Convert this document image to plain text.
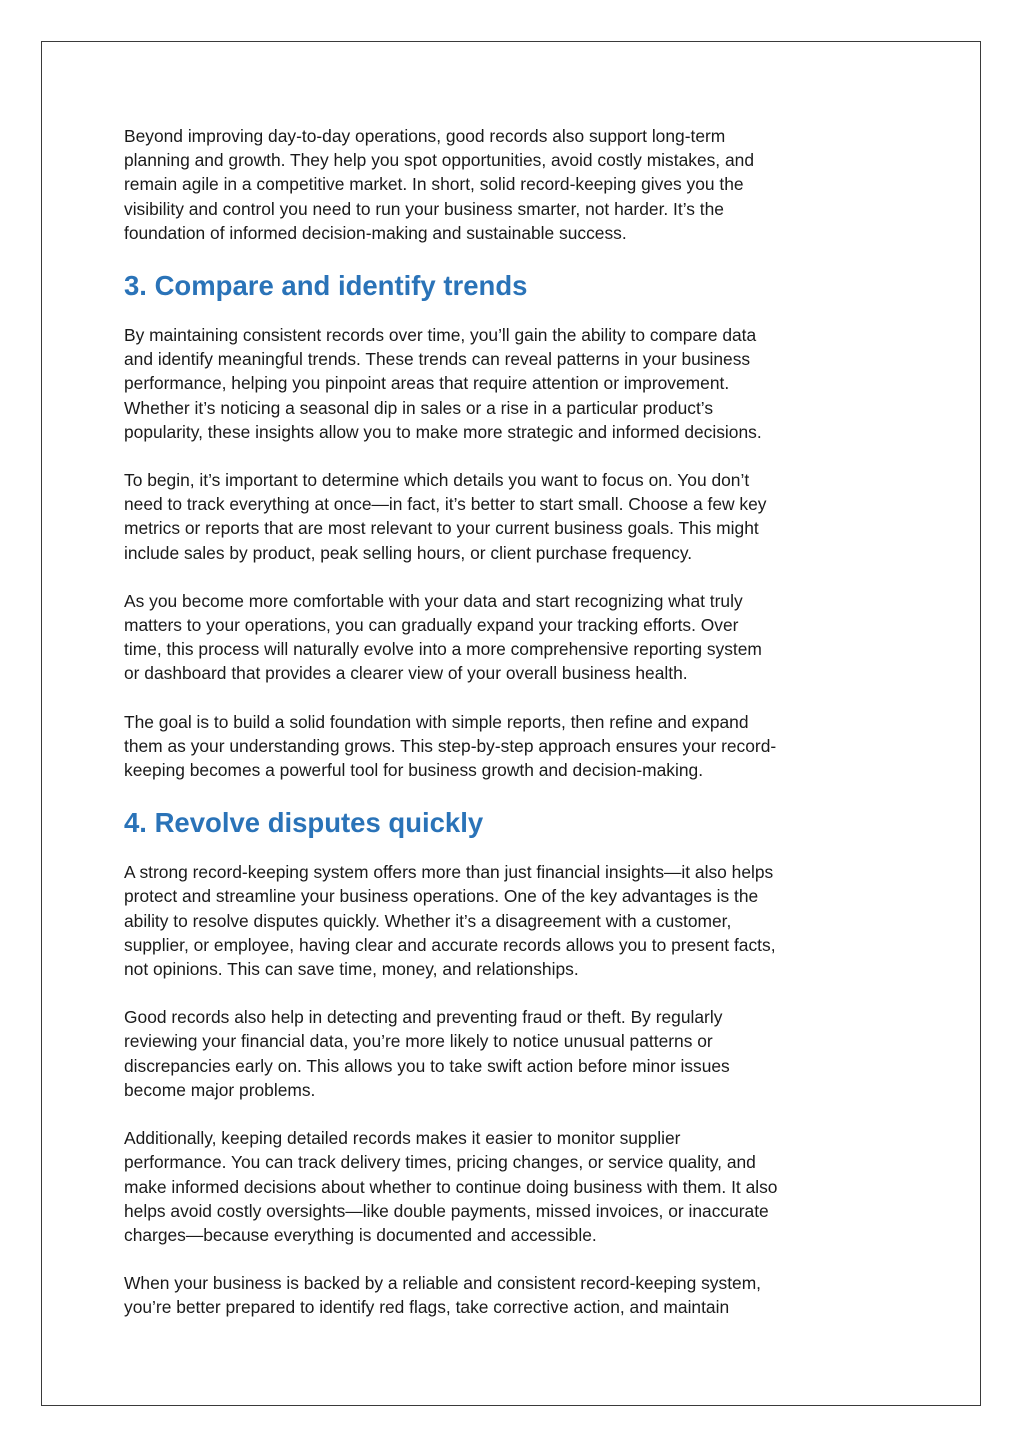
Beyond improving day-to-day operations, good records also support long-term
planning and growth. They help you spot opportunities, avoid costly mistakes, and
remain agile in a competitive market. In short, solid record-keeping gives you the
visibility and control you need to run your business smarter, not harder. It’s the
foundation of informed decision-making and sustainable success.

3. Compare and identify trends

By maintaining consistent records over time, you’ll gain the ability to compare data
and identify meaningful trends. These trends can reveal patterns in your business
performance, helping you pinpoint areas that require attention or improvement.
Whether it’s noticing a seasonal dip in sales or a rise in a particular product’s
popularity, these insights allow you to make more strategic and informed decisions.

To begin, it’s important to determine which details you want to focus on. You don’t
need to track everything at once—in fact, it’s better to start small. Choose a few key
metrics or reports that are most relevant to your current business goals. This might
include sales by product, peak selling hours, or client purchase frequency.

As you become more comfortable with your data and start recognizing what truly
matters to your operations, you can gradually expand your tracking efforts. Over
time, this process will naturally evolve into a more comprehensive reporting system
or dashboard that provides a clearer view of your overall business health.

The goal is to build a solid foundation with simple reports, then refine and expand
them as your understanding grows. This step-by-step approach ensures your record-
keeping becomes a powerful tool for business growth and decision-making.

4. Revolve disputes quickly

A strong record-keeping system offers more than just financial insights—it also helps
protect and streamline your business operations. One of the key advantages is the
ability to resolve disputes quickly. Whether it’s a disagreement with a customer,
supplier, or employee, having clear and accurate records allows you to present facts,
not opinions. This can save time, money, and relationships.

Good records also help in detecting and preventing fraud or theft. By regularly
reviewing your financial data, you’re more likely to notice unusual patterns or
discrepancies early on. This allows you to take swift action before minor issues
become major problems.

Additionally, keeping detailed records makes it easier to monitor supplier
performance. You can track delivery times, pricing changes, or service quality, and
make informed decisions about whether to continue doing business with them. It also
helps avoid costly oversights—like double payments, missed invoices, or inaccurate
charges—because everything is documented and accessible.

When your business is backed by a reliable and consistent record-keeping system,
you’re better prepared to identify red flags, take corrective action, and maintain
